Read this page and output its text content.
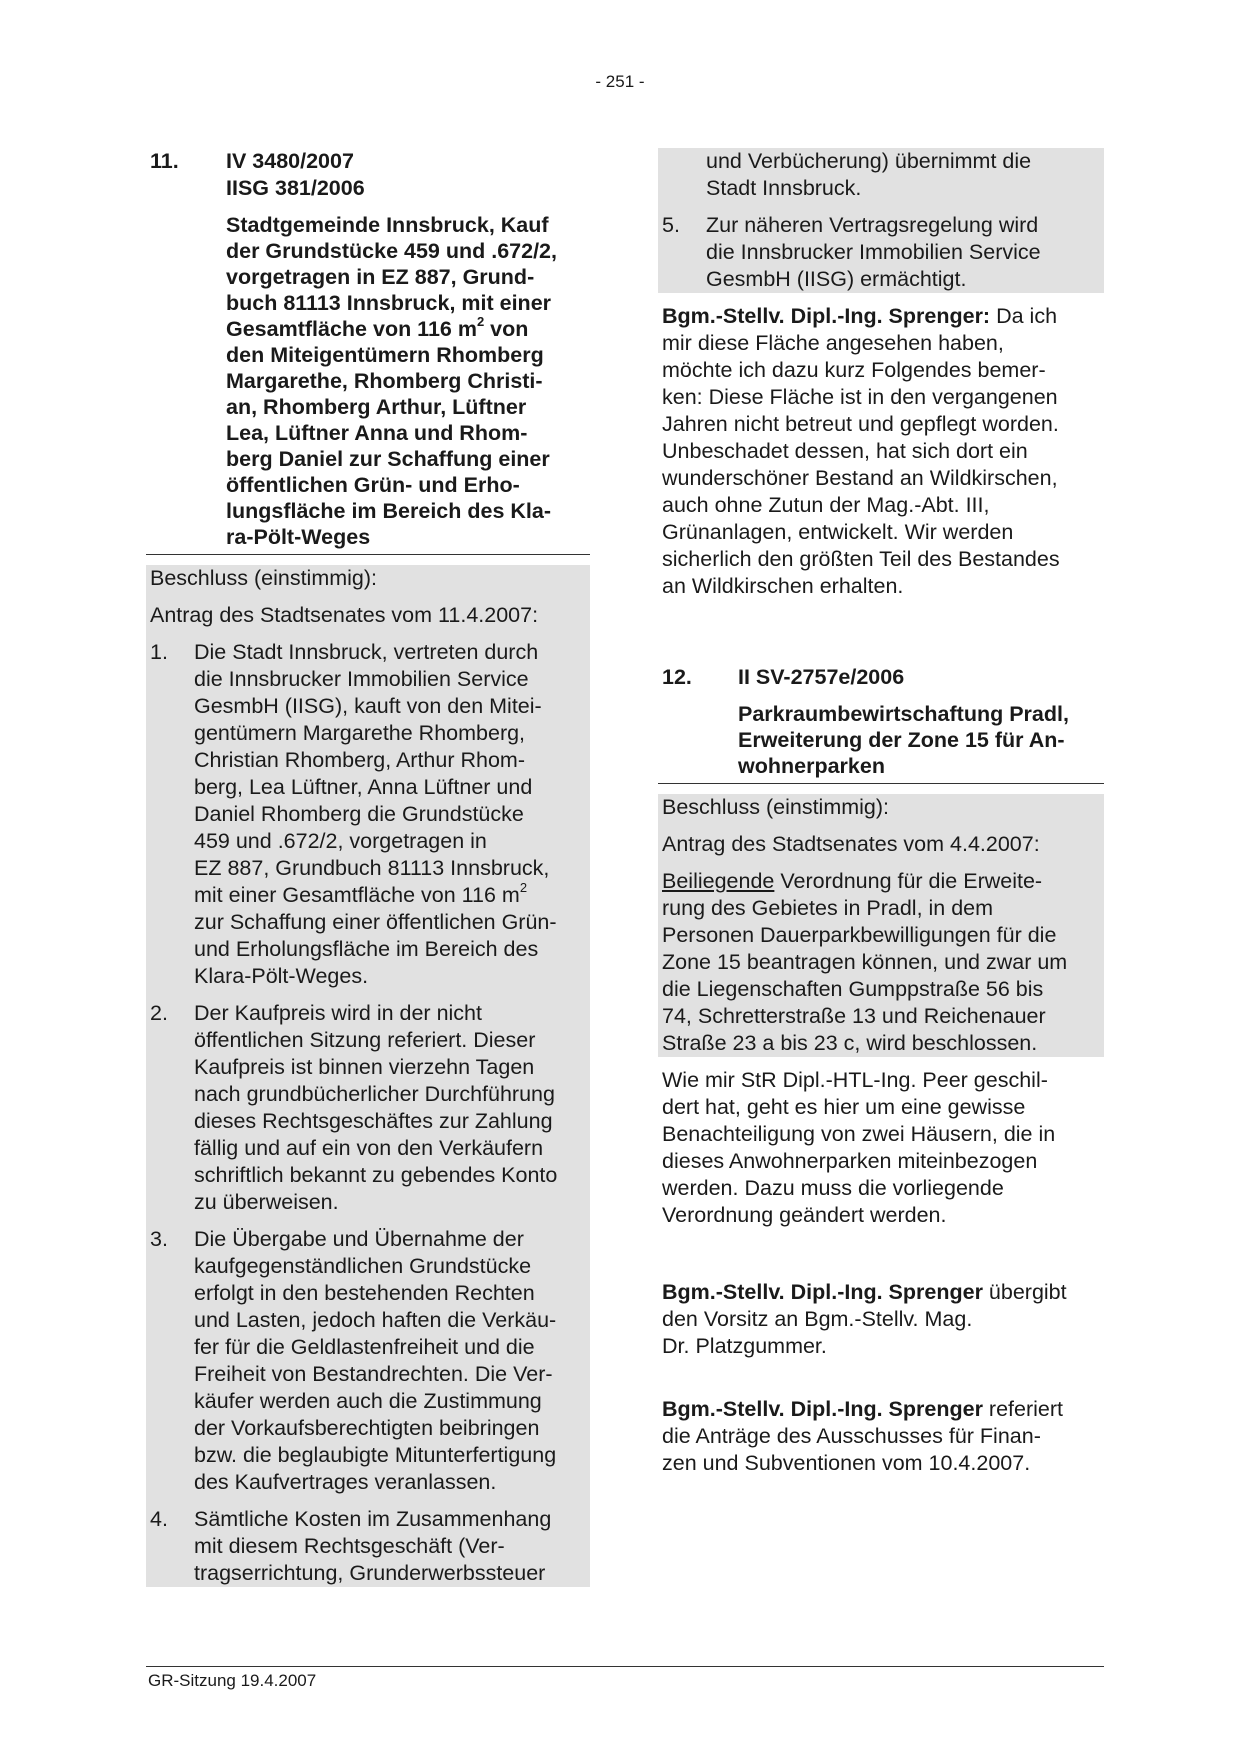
- 251 -
11. IV 3480/2007
IISG 381/2006
Stadtgemeinde Innsbruck, Kauf
der Grundstücke 459 und .672/2,
vorgetragen in EZ 887, Grund-
buch 81113 Innsbruck, mit einer
Gesamtfläche von 116 $m^2$ von
den Miteigentümern Rhomberg
Margarethe, Rhomberg Christi-
an, Rhomberg Arthur, Lüftner
Lea, Lüftner Anna und Rhom-
berg Daniel zur Schaffung einer
öffentlichen Grün- und Erho-
lungsfläche im Bereich des Kla-
ra-Pölt-Weges
Beschluss (einstimmig):
Antrag des Stadtsenates vom 11.4.2007:
1. Die Stadt Innsbruck, vertreten durch
die Innsbrucker Immobilien Service
GesmbH (IISG), kauft von den Mitei-
gentümern Margarethe Rhomberg,
Christian Rhomberg, Arthur Rhom-
berg, Lea Lüftner, Anna Lüftner und
Daniel Rhomberg die Grundstücke
459 und .672/2, vorgetragen in
EZ 887, Grundbuch 81113 Innsbruck,
mit einer Gesamtfläche von 116 $m^2$
zur Schaffung einer öffentlichen Grün-
und Erholungsfläche im Bereich des
Klara-Pölt-Weges.
2. Der Kaufpreis wird in der nicht
öffentlichen Sitzung referiert. Dieser
Kaufpreis ist binnen vierzehn Tagen
nach grundbücherlicher Durchführung
dieses Rechtsgeschäftes zur Zahlung
fällig und auf ein von den Verkäufern
schriftlich bekannt zu gebendes Konto
zu überweisen.
3. Die Übergabe und Übernahme der
kaufgegenständlichen Grundstücke
erfolgt in den bestehenden Rechten
und Lasten, jedoch haften die Verkäu-
fer für die Geldlastenfreiheit und die
Freiheit von Bestandrechten. Die Ver-
käufer werden auch die Zustimmung
der Vorkaufsberechtigten beibringen
bzw. die beglaubigte Mitunterfertigung
des Kaufvertrages veranlassen.
4. Sämtliche Kosten im Zusammenhang
mit diesem Rechtsgeschäft (Ver-
tragserrichtung, Grunderwerbssteuer
und Verbücherung) übernimmt die
Stadt Innsbruck.
5. Zur näheren Vertragsregelung wird
die Innsbrucker Immobilien Service
GesmbH (IISG) ermächtigt.
Bgm.-Stellv. Dipl.-Ing. Sprenger: Da ich
mir diese Fläche angesehen haben,
möchte ich dazu kurz Folgendes bemer-
ken: Diese Fläche ist in den vergangenen
Jahren nicht betreut und gepflegt worden.
Unbeschadet dessen, hat sich dort ein
wunderschöner Bestand an Wildkirschen,
auch ohne Zutun der Mag.-Abt. III,
Grünanlagen, entwickelt. Wir werden
sicherlich den größten Teil des Bestandes
an Wildkirschen erhalten.
12. II SV-2757e/2006
Parkraumbewirtschaftung Pradl,
Erweiterung der Zone 15 für An-
wohnerparken
Beschluss (einstimmig):
Antrag des Stadtsenates vom 4.4.2007:
Beiliegende Verordnung für die Erweite-
rung des Gebietes in Pradl, in dem
Personen Dauerparkbewilligungen für die
Zone 15 beantragen können, und zwar um
die Liegenschaften Gumppstraße 56 bis
74, Schretterstraße 13 und Reichenauer
Straße 23 a bis 23 c, wird beschlossen.
Wie mir StR Dipl.-HTL-Ing. Peer geschil-
dert hat, geht es hier um eine gewisse
Benachteiligung von zwei Häusern, die in
dieses Anwohnerparken miteinbezogen
werden. Dazu muss die vorliegende
Verordnung geändert werden.
Bgm.-Stellv. Dipl.-Ing. Sprenger übergibt
den Vorsitz an Bgm.-Stellv. Mag.
Dr. Platzgummer.
Bgm.-Stellv. Dipl.-Ing. Sprenger referiert
die Anträge des Ausschusses für Finan-
zen und Subventionen vom 10.4.2007.
GR-Sitzung 19.4.2007
